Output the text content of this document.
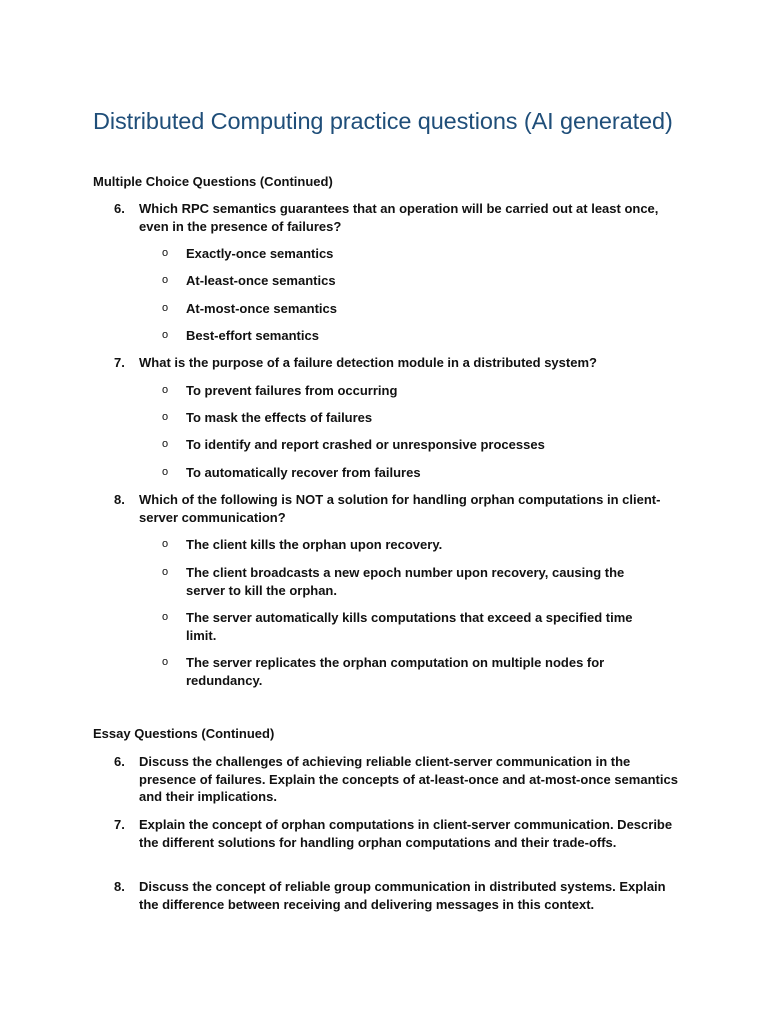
Distributed Computing practice questions (AI generated)
Multiple Choice Questions (Continued)
6. Which RPC semantics guarantees that an operation will be carried out at least once, even in the presence of failures?
o Exactly-once semantics
o At-least-once semantics
o At-most-once semantics
o Best-effort semantics
7. What is the purpose of a failure detection module in a distributed system?
o To prevent failures from occurring
o To mask the effects of failures
o To identify and report crashed or unresponsive processes
o To automatically recover from failures
8. Which of the following is NOT a solution for handling orphan computations in client-server communication?
o The client kills the orphan upon recovery.
o The client broadcasts a new epoch number upon recovery, causing the server to kill the orphan.
o The server automatically kills computations that exceed a specified time limit.
o The server replicates the orphan computation on multiple nodes for redundancy.
Essay Questions (Continued)
6. Discuss the challenges of achieving reliable client-server communication in the presence of failures. Explain the concepts of at-least-once and at-most-once semantics and their implications.
7. Explain the concept of orphan computations in client-server communication. Describe the different solutions for handling orphan computations and their trade-offs.
8. Discuss the concept of reliable group communication in distributed systems. Explain the difference between receiving and delivering messages in this context.
